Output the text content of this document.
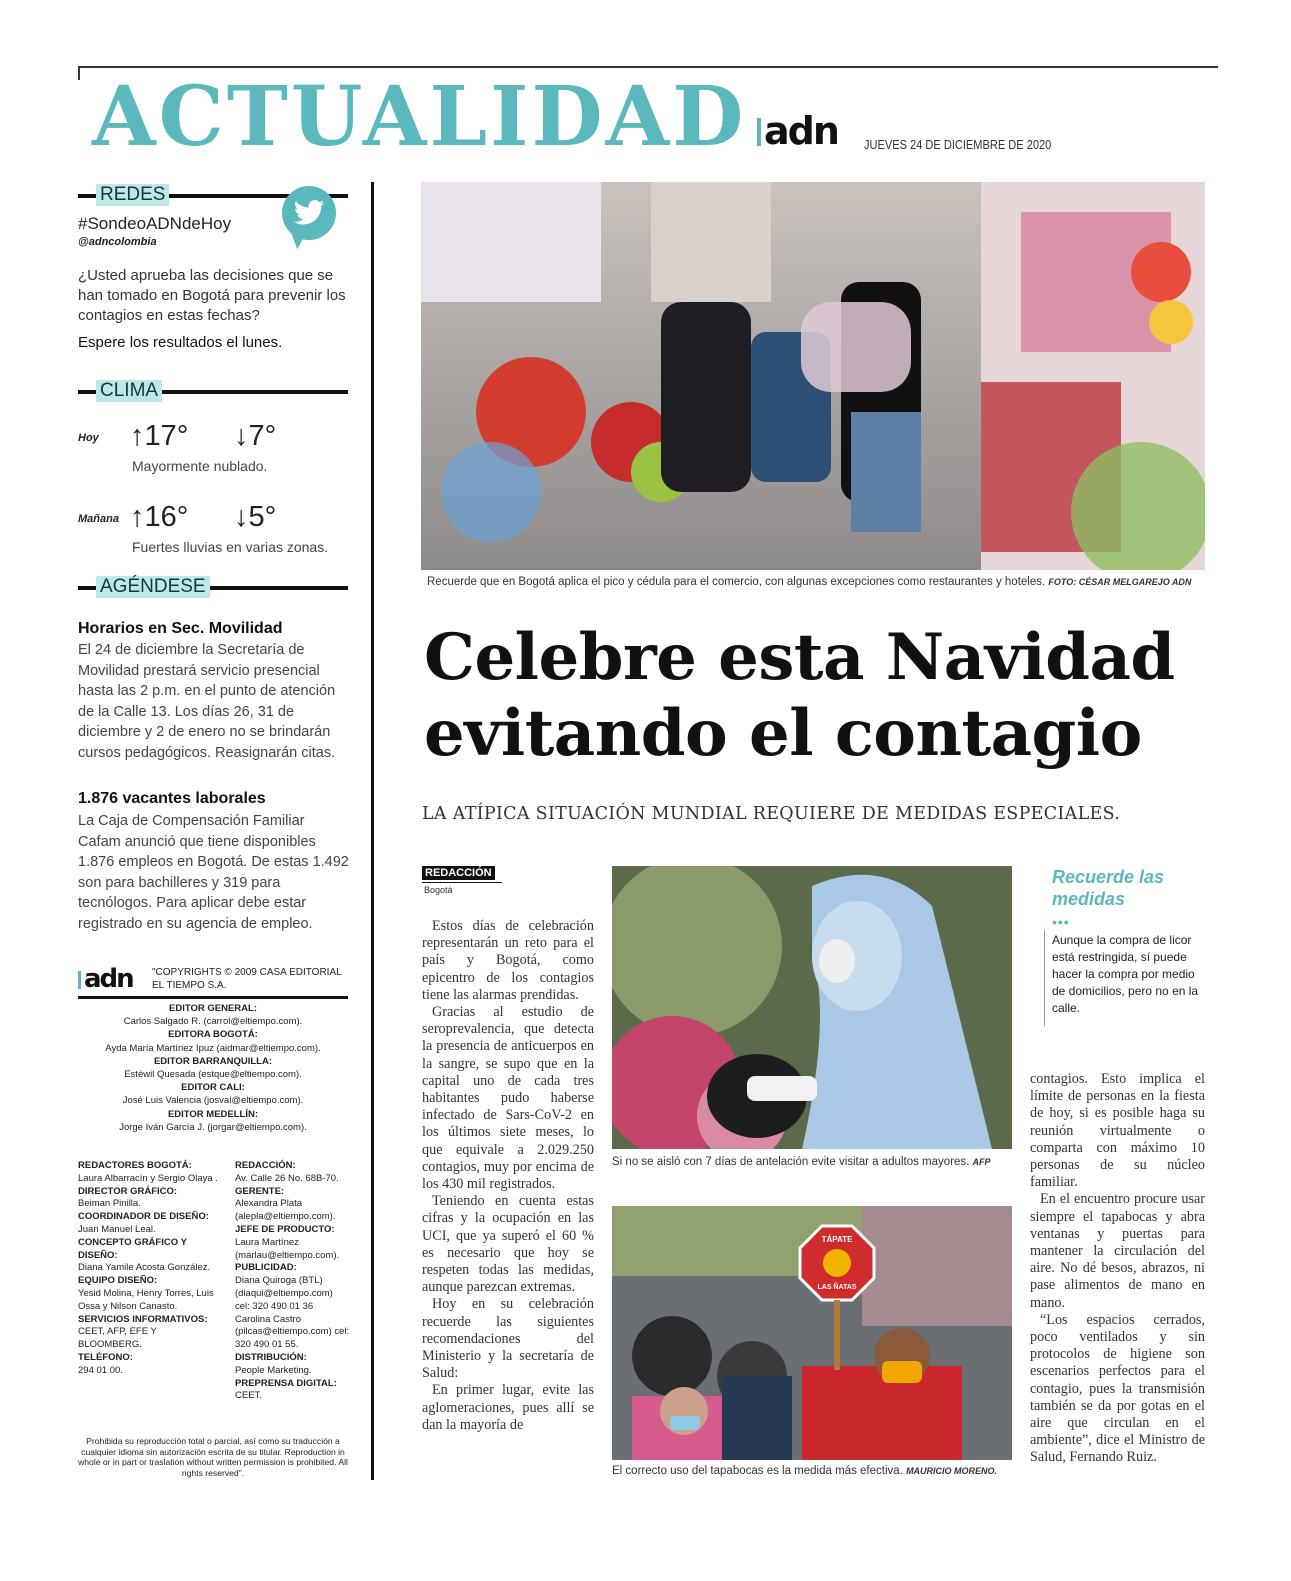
ACTUALIDAD adn JUEVES 24 DE DICIEMBRE DE 2020
REDES
#SondeoADNdeHoy
@adncolombia
¿Usted aprueba las decisiones que se han tomado en Bogotá para prevenir los contagios en estas fechas?
Espere los resultados el lunes.
CLIMA
Hoy ↑17° ↓7°
Mayormente nublado.
Mañana ↑16° ↓5°
Fuertes lluvias en varias zonas.
AGÉNDESE
Horarios en Sec. Movilidad
El 24 de diciembre la Secretaría de Movilidad prestará servicio presencial hasta las 2 p.m. en el punto de atención de la Calle 13. Los días 26, 31 de diciembre y 2 de enero no se brindarán cursos pedagógicos. Reasignarán citas.
1.876 vacantes laborales
La Caja de Compensación Familiar Cafam anunció que tiene disponibles 1.876 empleos en Bogotá. De estas 1.492 son para bachilleres y 319 para tecnólogos. Para aplicar debe estar registrado en su agencia de empleo.
adn "COPYRIGHTS © 2009 CASA EDITORIAL EL TIEMPO S.A.
EDITOR GENERAL:
Carlos Salgado R. (carrol@eltiempo.com).
EDITORA BOGOTÁ:
Ayda María Martínez Ipuz (aidmar@eltiempo.com).
EDITOR BARRANQUILLA:
Estéwil Quesada (estque@eltiempo.com).
EDITOR CALI:
José Luis Valencia (josval@eltiempo.com).
EDITOR MEDELLÍN:
Jorge Iván García J. (jorgar@eltiempo.com).
REDACTORES BOGOTÁ:
Laura Albarracín y Sergio Olaya .
DIRECTOR GRÁFICO:
Beiman Pinilla.
COORDINADOR DE DISEÑO:
Juan Manuel Leal.
CONCEPTO GRÁFICO Y DISEÑO:
Diana Yamile Acosta González.
EQUIPO DISEÑO:
Yesid Molina, Henry Torres, Luis Ossa y Nilson Canasto.
SERVICIOS INFORMATIVOS:
CEET, AFP, EFE Y BLOOMBERG.
TELÉFONO:
294 01 00.
REDACCIÓN:
Av. Calle 26 No. 68B-70.
GERENTE:
Alexandra Plata (alepla@eltiempo.com).
JEFE DE PRODUCTO:
Laura Martínez (marlau@eltiempo.com).
PUBLICIDAD:
Diana Quiroga (BTL) (diaqui@eltiempo.com) cel: 320 490 01 36 Carolina Castro (pilcas@eltiempo.com) cel: 320 490 01 55.
DISTRIBUCIÓN:
People Marketing.
PREPRENSA DIGITAL:
CEET.
Prohibida su reproducción total o parcial, así como su traducción a cualquier idioma sin autorización escrita de su titular. Reproduction in whole or in part or traslation without written permission is prohibited. All rights reserved".
Recuerde que en Bogotá aplica el pico y cédula para el comercio, con algunas excepciones como restaurantes y hoteles. FOTO: CÉSAR MELGAREJO ADN
Celebre esta Navidad evitando el contagio
LA ATÍPICA SITUACIÓN MUNDIAL REQUIERE DE MEDIDAS ESPECIALES.
REDACCIÓN
Bogotá

Estos días de celebración representarán un reto para el país y Bogotá, como epicentro de los contagios tiene las alarmas prendidas.

Gracias al estudio de seroprevalencia, que detecta la presencia de anticuerpos en la sangre, se supo que en la capital uno de cada tres habitantes pudo haberse infectado de Sars-CoV-2 en los últimos siete meses, lo que equivale a 2.029.250 contagios, muy por encima de los 430 mil registrados.

Teniendo en cuenta estas cifras y la ocupación en las UCI, que ya superó el 60 % es necesario que hoy se respeten todas las medidas, aunque parezcan extremas.

Hoy en su celebración recuerde las siguientes recomendaciones del Ministerio y la secretaría de Salud:

En primer lugar, evite las aglomeraciones, pues allí se dan la mayoría de

Si no se aisló con 7 días de antelación evite visitar a adultos mayores. AFP
TÁPATE
LAS ÑATAS
El correcto uso del tapabocas es la medida más efectiva. MAURICIO MORENO.
Recuerde las medidas
•••
Aunque la compra de licor está restringida, sí puede hacer la compra por medio de domicilios, pero no en la calle.

contagios. Esto implica el límite de personas en la fiesta de hoy, si es posible haga su reunión virtualmente o comparta con máximo 10 personas de su núcleo familiar.

En el encuentro procure usar siempre el tapabocas y abra ventanas y puertas para mantener la circulación del aire. No dé besos, abrazos, ni pase alimentos de mano en mano.

“Los espacios cerrados, poco ventilados y sin protocolos de higiene son escenarios perfectos para el contagio, pues la transmisión también se da por gotas en el aire que circulan en el ambiente”, dice el Ministro de Salud, Fernando Ruiz.
